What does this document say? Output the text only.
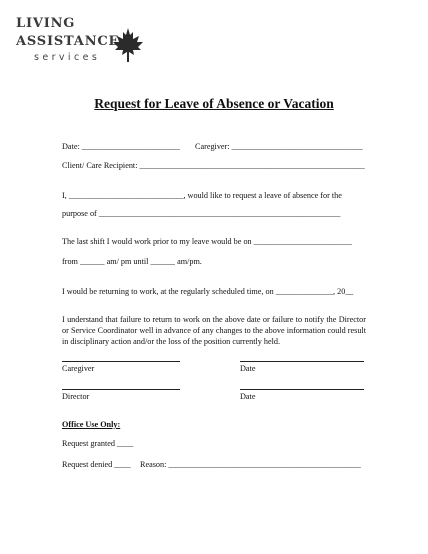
LIVING
ASSISTANCE
services
Request for Leave of Absence or Vacation
Date: ________________________ Caregiver: ________________________________
Client/ Care Recipient: _______________________________________________________
I, ____________________________, would like to request a leave of absence for the
purpose of ___________________________________________________________
The last shift I would work prior to my leave would be on ________________________
from ______ am/ pm until ______ am/pm.
I would be returning to work, at the regularly scheduled time, on ______________, 20__
I understand that failure to return to work on the above date or failure to notify the Director or Service Coordinator well in advance of any changes to the above information could result in disciplinary action and/or the loss of the position currently held.
Caregiver	Date
Director	Date
Office Use Only:
Request granted ____
Request denied ____ Reason: _______________________________________________
